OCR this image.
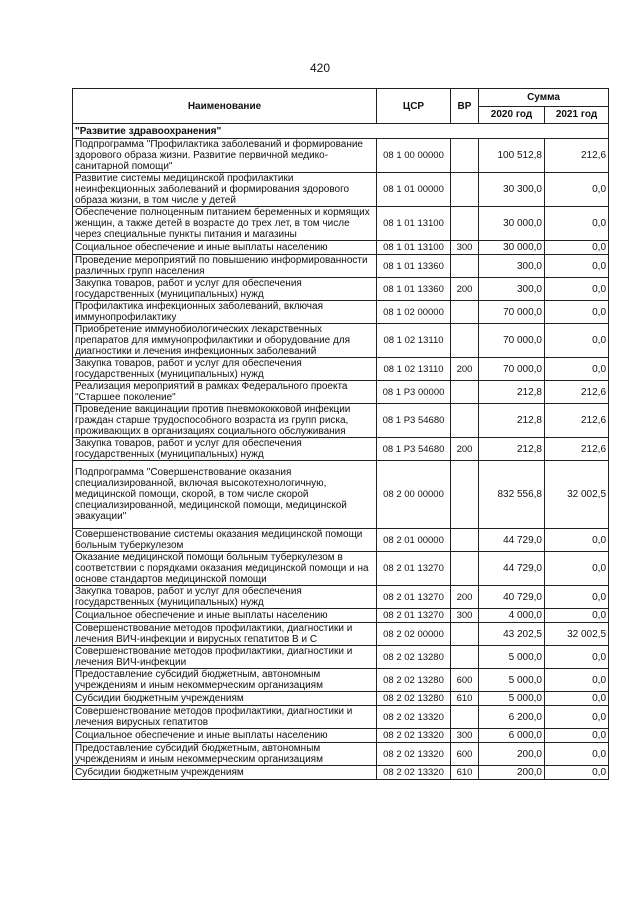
420
Наименование	ЦСР	ВР	Сумма	
			2020 год	2021 год
"Развитие здравоохранения"				
Подпрограмма "Профилактика заболеваний и формирование здорового образа жизни. Развитие первичной медико-санитарной помощи"	08 1 00 00000		100 512,8	212,6
Развитие системы медицинской профилактики неинфекционных заболеваний и формирования здорового образа жизни, в том числе у детей	08 1 01 00000		30 300,0	0,0
Обеспечение полноценным питанием беременных и кормящих женщин, а также детей в возрасте до трех лет, в том числе через специальные пункты питания и магазины	08 1 01 13100		30 000,0	0,0
Социальное обеспечение и иные выплаты населению	08 1 01 13100	300	30 000,0	0,0
Проведение мероприятий по повышению информированности различных групп населения	08 1 01 13360		300,0	0,0
Закупка товаров, работ и услуг для обеспечения государственных (муниципальных) нужд	08 1 01 13360	200	300,0	0,0
Профилактика инфекционных заболеваний, включая иммунопрофилактику	08 1 02 00000		70 000,0	0,0
Приобретение иммунобиологических лекарственных препаратов для иммунопрофилактики и оборудование для диагностики и лечения инфекционных заболеваний	08 1 02 13110		70 000,0	0,0
Закупка товаров, работ и услуг для обеспечения государственных (муниципальных) нужд	08 1 02 13110	200	70 000,0	0,0
Реализация мероприятий в рамках Федерального проекта "Старшее поколение"	08 1 P3 00000		212,8	212,6
Проведение вакцинации против пневмококковой инфекции граждан старше трудоспособного возраста из групп риска, проживающих в организациях социального обслуживания	08 1 P3 54680		212,8	212,6
Закупка товаров, работ и услуг для обеспечения государственных (муниципальных) нужд	08 1 P3 54680	200	212,8	212,6
Подпрограмма "Совершенствование оказания специализированной, включая высокотехнологичную, медицинской помощи, скорой, в том числе скорой специализированной, медицинской помощи, медицинской эвакуации"	08 2 00 00000		832 556,8	32 002,5
Совершенствование системы оказания медицинской помощи больным туберкулезом	08 2 01 00000		44 729,0	0,0
Оказание медицинской помощи больным туберкулезом в соответствии с порядками оказания медицинской помощи и на основе стандартов медицинской помощи	08 2 01 13270		44 729,0	0,0
Закупка товаров, работ и услуг для обеспечения государственных (муниципальных) нужд	08 2 01 13270	200	40 729,0	0,0
Социальное обеспечение и иные выплаты населению	08 2 01 13270	300	4 000,0	0,0
Совершенствование методов профилактики, диагностики и лечения ВИЧ-инфекции и вирусных гепатитов В и С	08 2 02 00000		43 202,5	32 002,5
Совершенствование методов профилактики, диагностики и лечения ВИЧ-инфекции	08 2 02 13280		5 000,0	0,0
Предоставление субсидий бюджетным, автономным учреждениям и иным некоммерческим организациям	08 2 02 13280	600	5 000,0	0,0
Субсидии бюджетным учреждениям	08 2 02 13280	610	5 000,0	0,0
Совершенствование методов профилактики, диагностики и лечения вирусных гепатитов	08 2 02 13320		6 200,0	0,0
Социальное обеспечение и иные выплаты населению	08 2 02 13320	300	6 000,0	0,0
Предоставление субсидий бюджетным, автономным учреждениям и иным некоммерческим организациям	08 2 02 13320	600	200,0	0,0
Субсидии бюджетным учреждениям	08 2 02 13320	610	200,0	0,0
